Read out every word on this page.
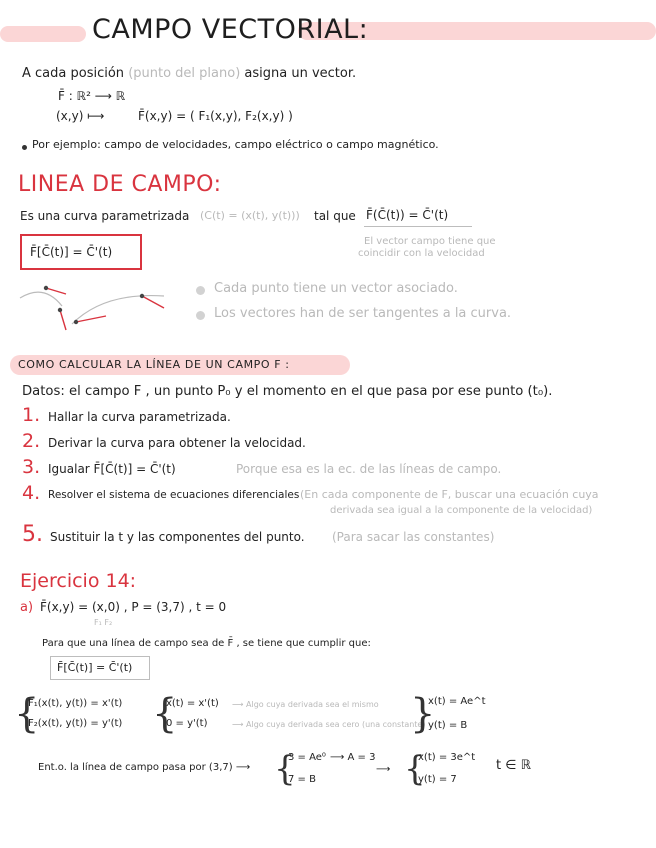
CAMPO VECTORIAL:
A cada posición (punto del plano) asigna un vector.
F̄ : ℝ² ⟶ ℝ
(x,y) ⟼	F̄(x,y) = ( F₁(x,y), F₂(x,y) )
Por ejemplo: campo de velocidades, campo eléctrico o campo magnético.
LINEA DE CAMPO:
Es una curva parametrizada (C(t) = (x(t), y(t))) tal que F̄(C̄(t)) = C̄'(t)
El vector campo tiene que
coincidir con la velocidad
F̄[C̄(t)] = C̄'(t)
Cada punto tiene un vector asociado.
Los vectores han de ser tangentes a la curva.
COMO CALCULAR LA LÍNEA DE UN CAMPO F :
Datos: el campo F , un punto P₀ y el momento en el que pasa por ese punto (t₀).
1. Hallar la curva parametrizada.
2. Derivar la curva para obtener la velocidad.
3. Igualar F̄[C̄(t)] = C̄'(t)	Porque esa es la ec. de las líneas de campo.
4. Resolver el sistema de ecuaciones diferenciales (En cada componente de F, buscar una ecuación cuya
derivada sea igual a la componente de la velocidad)
5. Sustituir la t y las componentes del punto. (Para sacar las constantes)
Ejercicio 14:
a) F̄(x,y) = (x,0) , P = (3,7) , t = 0
F₁ F₂
Para que una línea de campo sea de F̄ , se tiene que cumplir que:
F̄[C̄(t)] = C̄'(t)
{
F₁(x(t), y(t)) = x'(t)
F₂(x(t), y(t)) = y'(t) {
x(t) = x'(t)
0 = y'(t)
⟶ Algo cuya derivada sea el mismo
⟶ Algo cuya derivada sea cero (una constante)
}
x(t) = Ae^t
y(t) = B
Ent.o. la línea de campo pasa por (3,7) ⟶ {
3 = Ae⁰ ⟶ A = 3
7 = B
⟶ {
x(t) = 3e^t
y(t) = 7
t ∈ ℝ
